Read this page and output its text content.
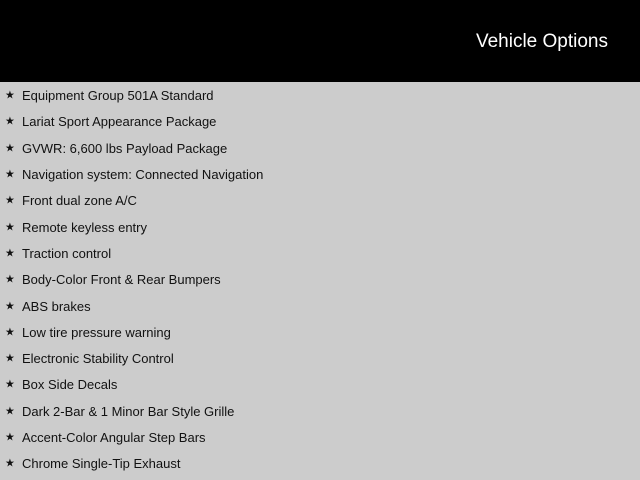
Vehicle Options
★ Equipment Group 501A Standard
★ Lariat Sport Appearance Package
★ GVWR: 6,600 lbs Payload Package
★ Navigation system: Connected Navigation
★ Front dual zone A/C
★ Remote keyless entry
★ Traction control
★ Body-Color Front & Rear Bumpers
★ ABS brakes
★ Low tire pressure warning
★ Electronic Stability Control
★ Box Side Decals
★ Dark 2-Bar & 1 Minor Bar Style Grille
★ Accent-Color Angular Step Bars
★ Chrome Single-Tip Exhaust
